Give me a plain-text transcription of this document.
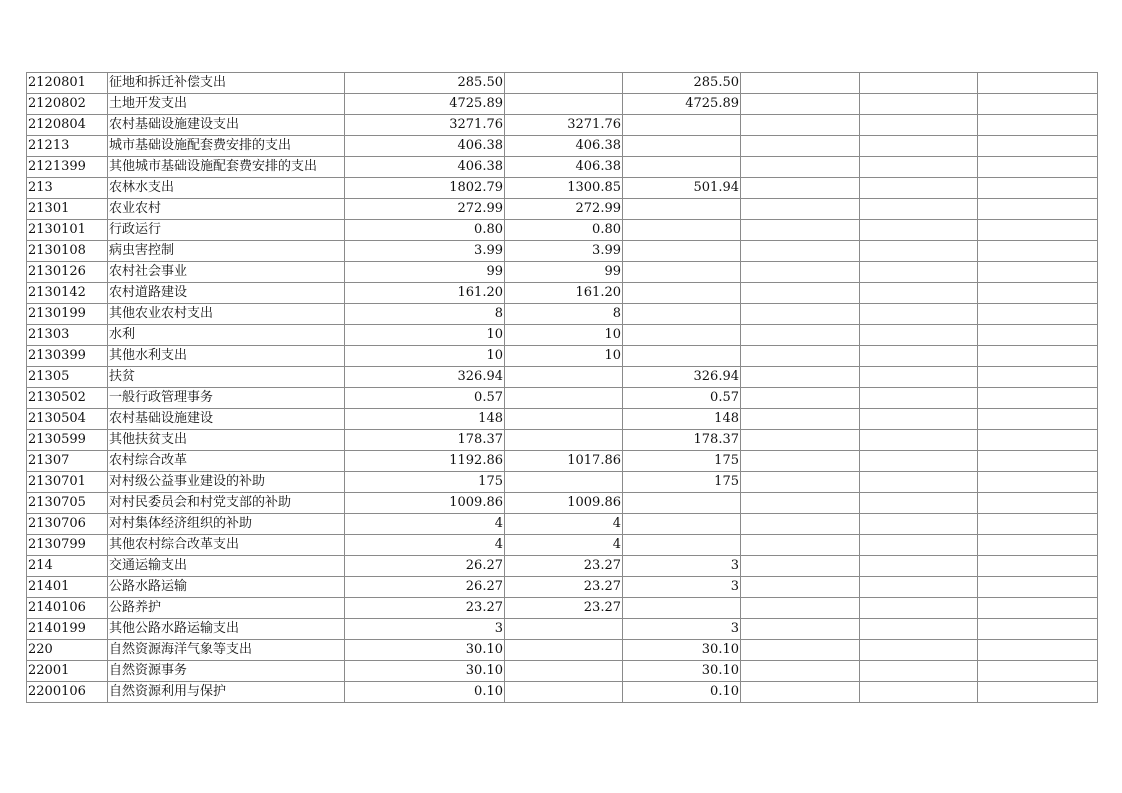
2120801	征地和拆迁补偿支出	285.50		285.50			
2120802	土地开发支出	4725.89		4725.89			
2120804	农村基础设施建设支出	3271.76	3271.76				
21213	城市基础设施配套费安排的支出	406.38	406.38				
2121399	其他城市基础设施配套费安排的支出	406.38	406.38				
213	农林水支出	1802.79	1300.85	501.94			
21301	农业农村	272.99	272.99				
2130101	行政运行	0.80	0.80				
2130108	病虫害控制	3.99	3.99				
2130126	农村社会事业	99	99				
2130142	农村道路建设	161.20	161.20				
2130199	其他农业农村支出	8	8				
21303	水利	10	10				
2130399	其他水利支出	10	10				
21305	扶贫	326.94		326.94			
2130502	一般行政管理事务	0.57		0.57			
2130504	农村基础设施建设	148		148			
2130599	其他扶贫支出	178.37		178.37			
21307	农村综合改革	1192.86	1017.86	175			
2130701	对村级公益事业建设的补助	175		175			
2130705	对村民委员会和村党支部的补助	1009.86	1009.86				
2130706	对村集体经济组织的补助	4	4				
2130799	其他农村综合改革支出	4	4				
214	交通运输支出	26.27	23.27	3			
21401	公路水路运输	26.27	23.27	3			
2140106	公路养护	23.27	23.27				
2140199	其他公路水路运输支出	3		3			
220	自然资源海洋气象等支出	30.10		30.10			
22001	自然资源事务	30.10		30.10			
2200106	自然资源利用与保护	0.10		0.10			
